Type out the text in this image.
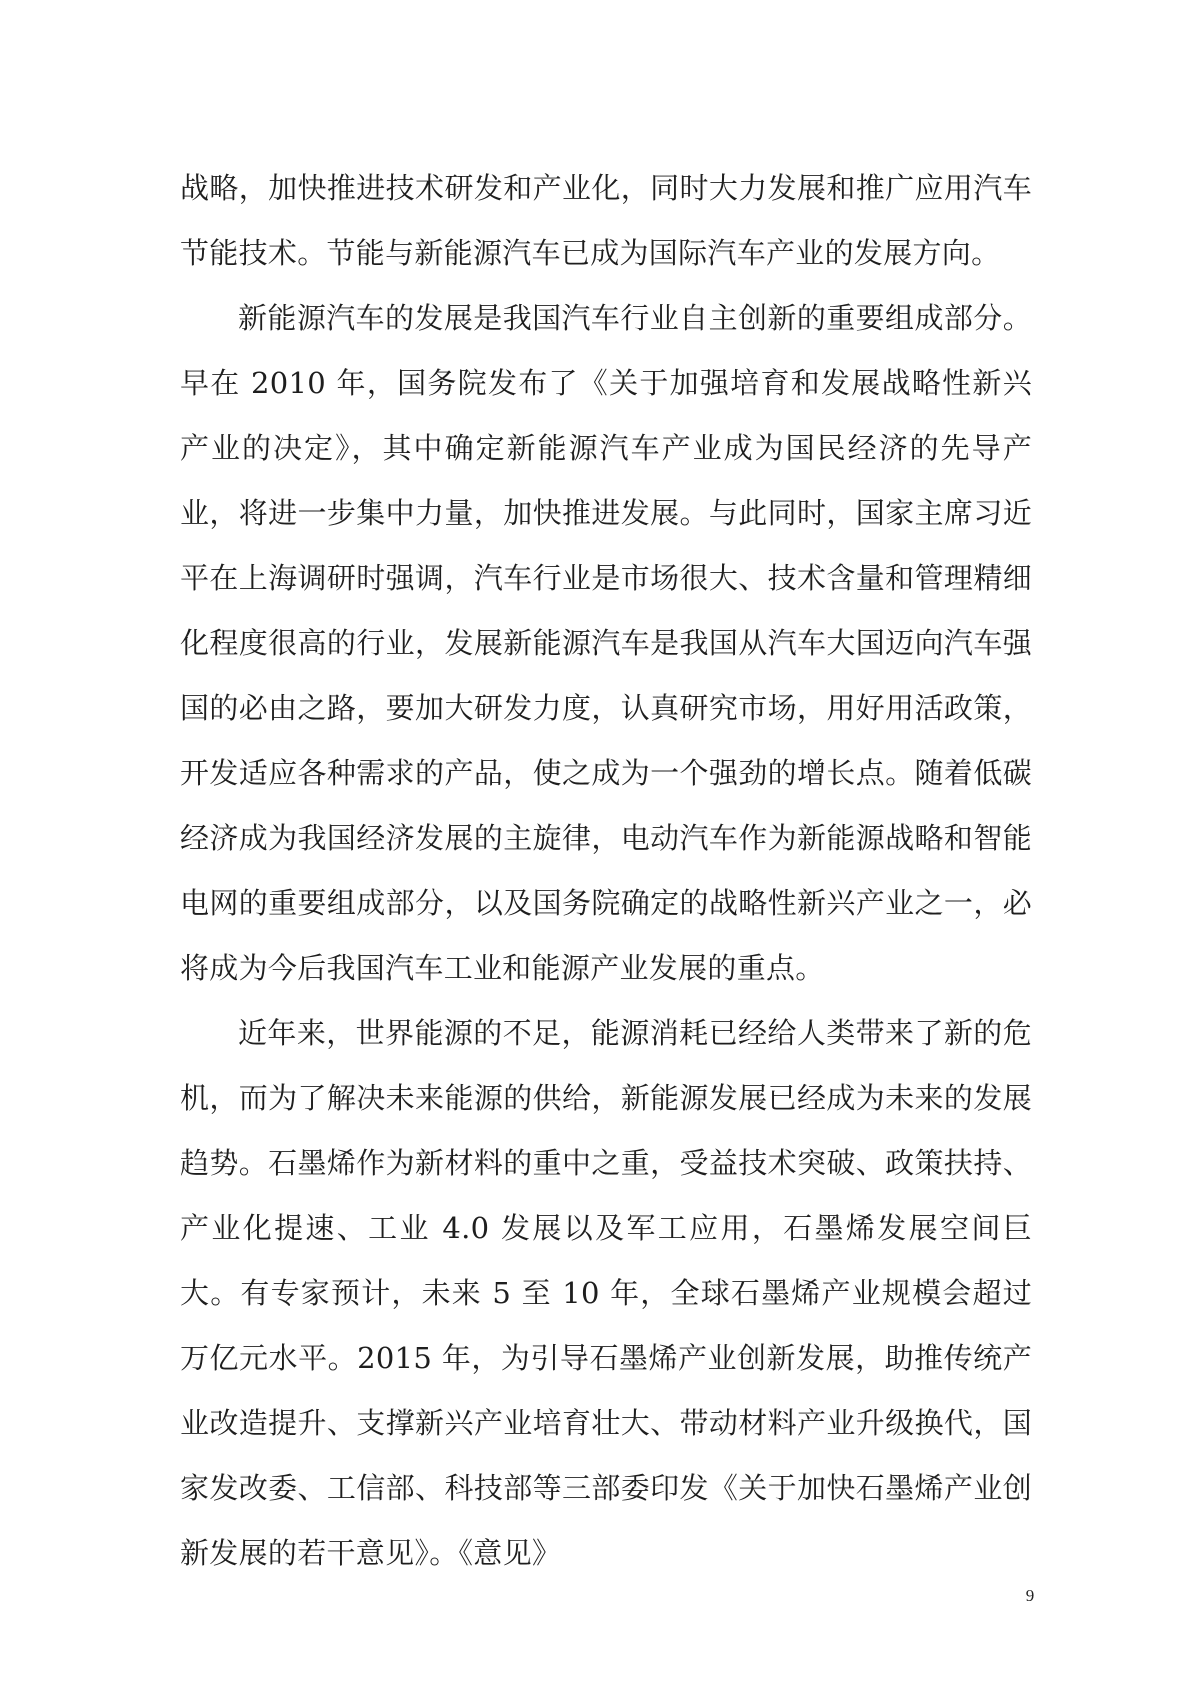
战略，加快推进技术研发和产业化，同时大力发展和推广应用汽车节能技术。节能与新能源汽车已成为国际汽车产业的发展方向。

新能源汽车的发展是我国汽车行业自主创新的重要组成部分。早在 2010 年，国务院发布了《关于加强培育和发展战略性新兴产业的决定》，其中确定新能源汽车产业成为国民经济的先导产业，将进一步集中力量，加快推进发展。与此同时，国家主席习近平在上海调研时强调，汽车行业是市场很大、技术含量和管理精细化程度很高的行业，发展新能源汽车是我国从汽车大国迈向汽车强国的必由之路，要加大研发力度，认真研究市场，用好用活政策，开发适应各种需求的产品，使之成为一个强劲的增长点。随着低碳经济成为我国经济发展的主旋律，电动汽车作为新能源战略和智能电网的重要组成部分，以及国务院确定的战略性新兴产业之一，必将成为今后我国汽车工业和能源产业发展的重点。

近年来，世界能源的不足，能源消耗已经给人类带来了新的危机，而为了解决未来能源的供给，新能源发展已经成为未来的发展趋势。石墨烯作为新材料的重中之重，受益技术突破、政策扶持、产业化提速、工业 4.0 发展以及军工应用，石墨烯发展空间巨大。有专家预计，未来 5 至 10 年，全球石墨烯产业规模会超过万亿元水平。2015 年，为引导石墨烯产业创新发展，助推传统产业改造提升、支撑新兴产业培育壮大、带动材料产业升级换代，国家发改委、工信部、科技部等三部委印发《关于加快石墨烯产业创新发展的若干意见》。《意见》

9
